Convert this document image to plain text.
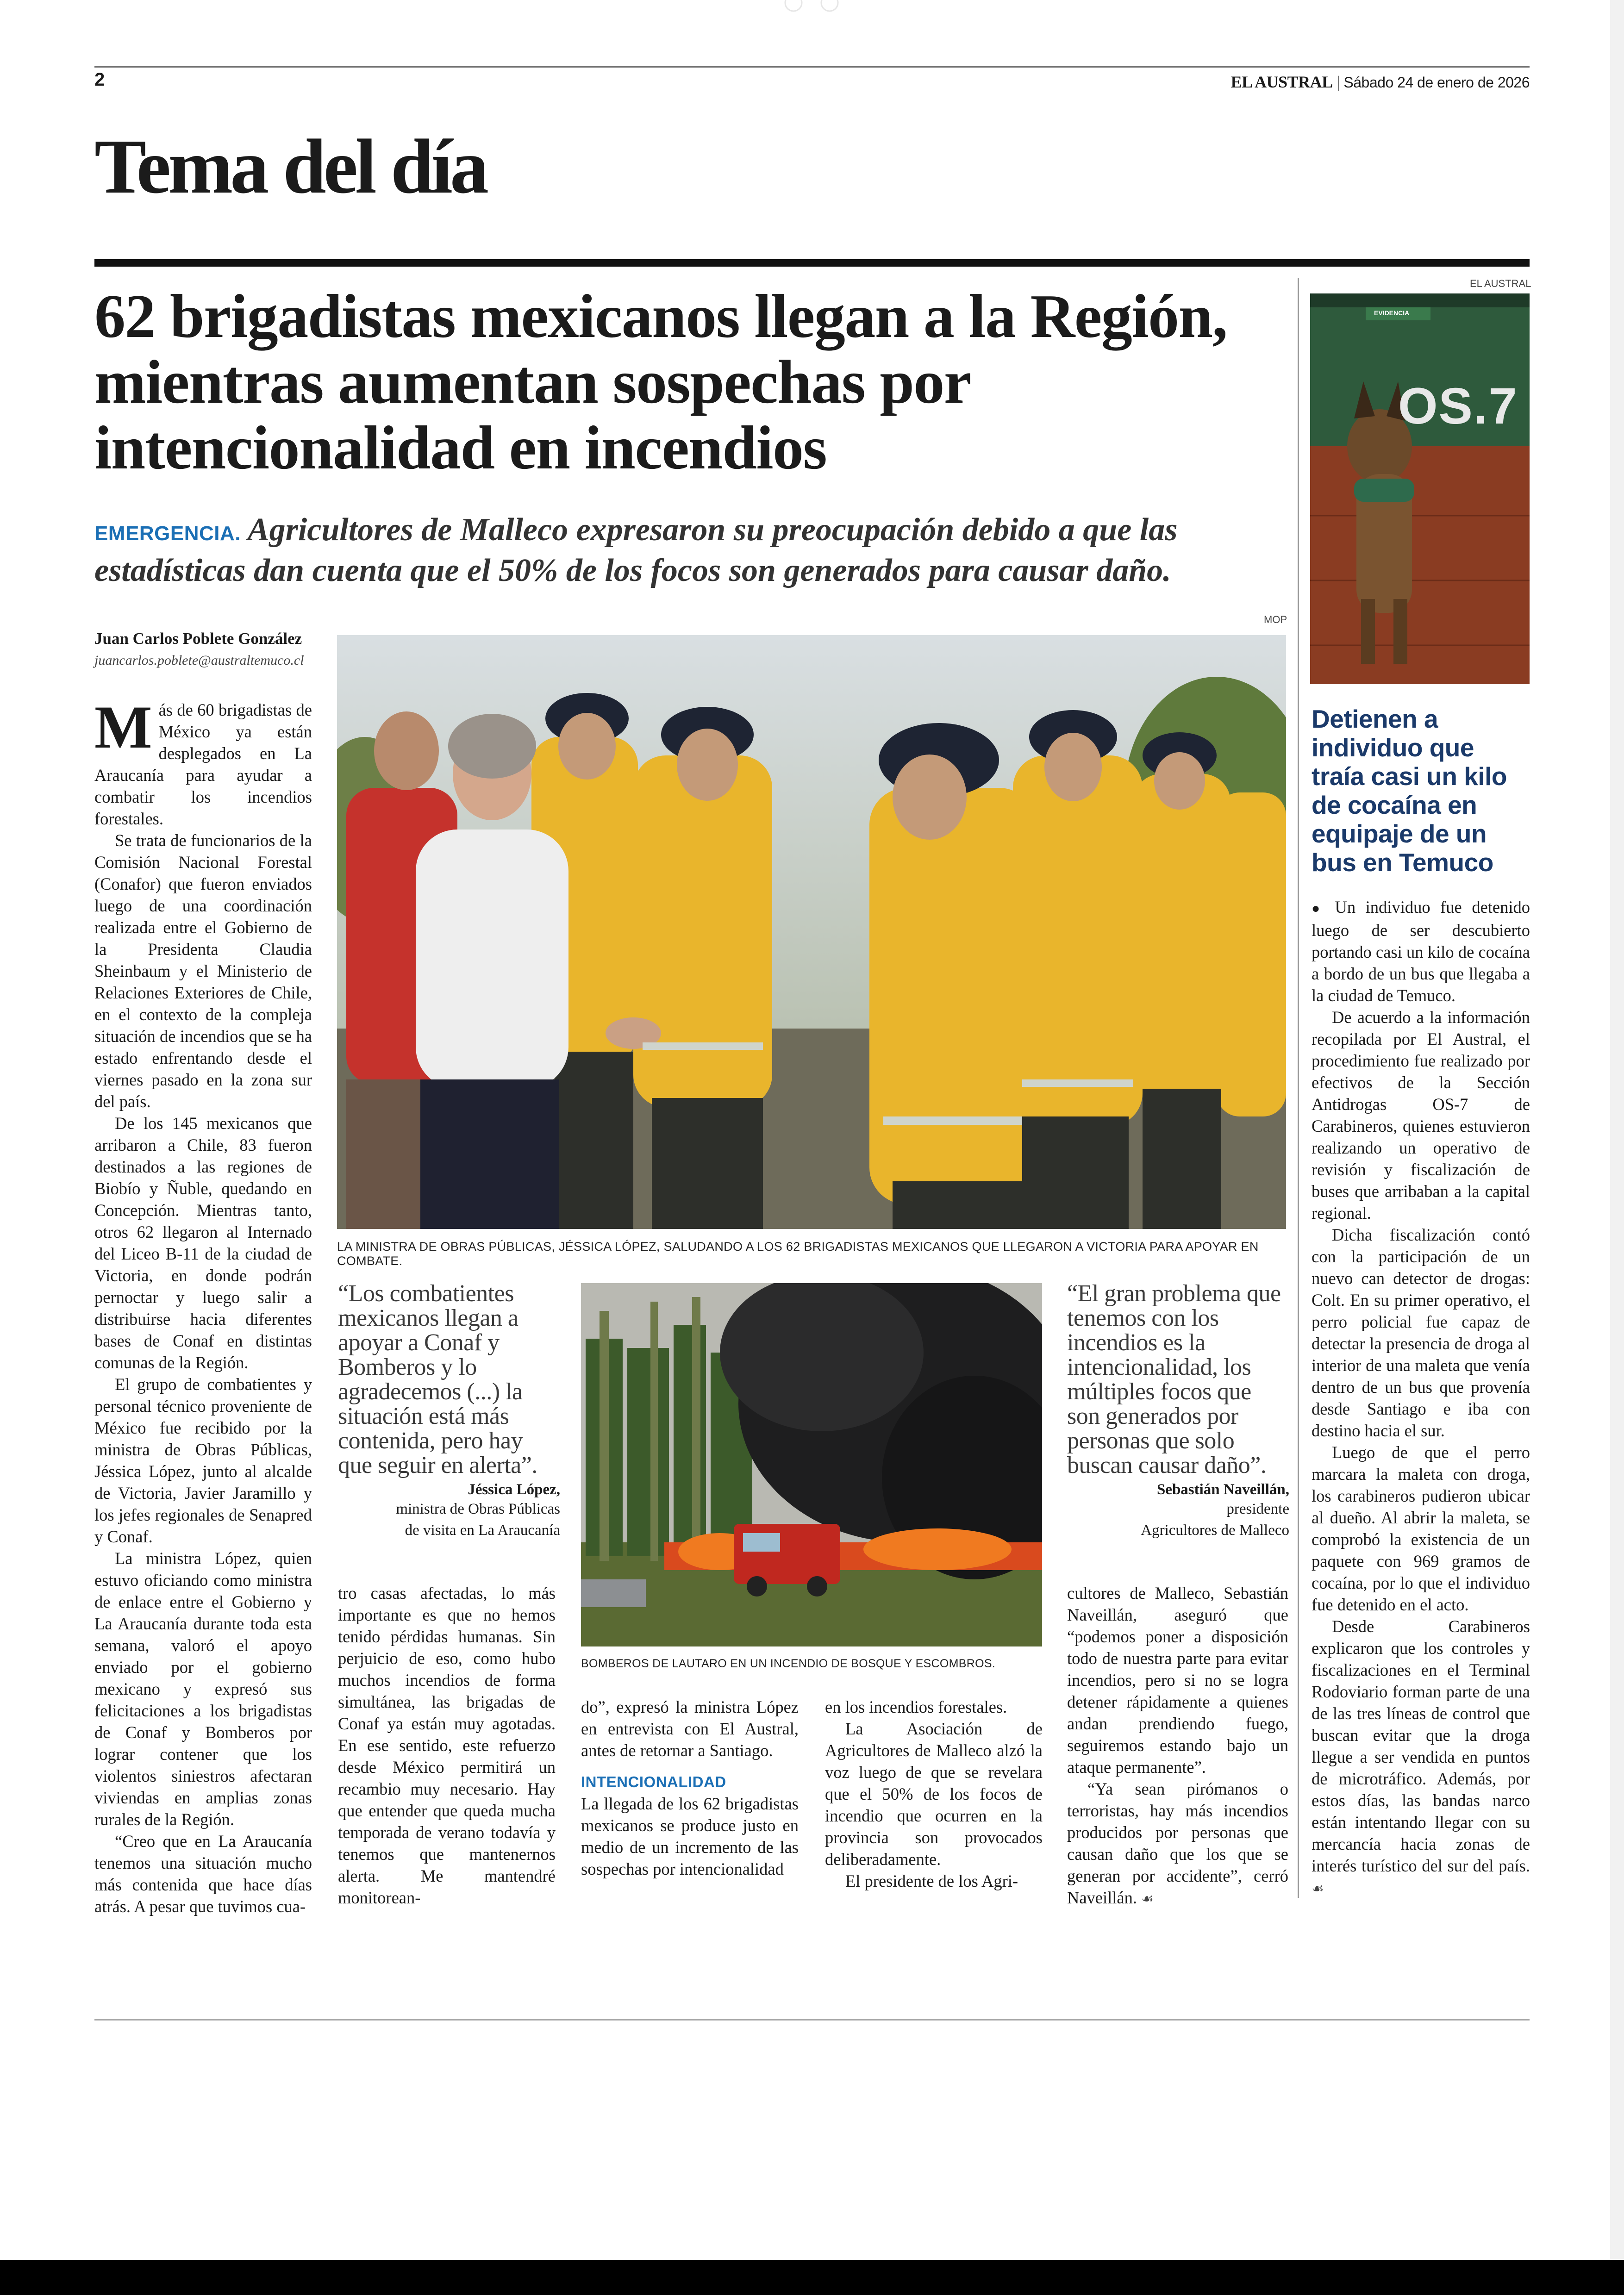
2	EL AUSTRAL | Sábado 24 de enero de 2026
Tema del día
62 brigadistas mexicanos llegan a la Región, mientras aumentan sospechas por intencionalidad en incendios
EMERGENCIA. Agricultores de Malleco expresaron su preocupación debido a que las estadísticas dan cuenta que el 50% de los focos son generados para causar daño.
MOP
Juan Carlos Poblete González
juancarlos.poblete@australtemuco.cl
LA MINISTRA DE OBRAS PÚBLICAS, JÉSSICA LÓPEZ, SALUDANDO A LOS 62 BRIGADISTAS MEXICANOS QUE LLEGARON A VICTORIA PARA APOYAR EN COMBATE.

Más de 60 brigadistas de México ya están desplegados en La Araucanía para ayudar a combatir los incendios forestales.

Se trata de funcionarios de la Comisión Nacional Forestal (Conafor) que fueron enviados luego de una coordinación realizada entre el Gobierno de la Presidenta Claudia Sheinbaum y el Ministerio de Relaciones Exteriores de Chile, en el contexto de la compleja situación de incendios que se ha estado enfrentando desde el viernes pasado en la zona sur del país.

De los 145 mexicanos que arribaron a Chile, 83 fueron destinados a las regiones de Biobío y Ñuble, quedando en Concepción. Mientras tanto, otros 62 llegaron al Internado del Liceo B-11 de la ciudad de Victoria, en donde podrán pernoctar y luego salir a distribuirse hacia diferentes bases de Conaf en distintas comunas de la Región.

El grupo de combatientes y personal técnico proveniente de México fue recibido por la ministra de Obras Públicas, Jéssica López, junto al alcalde de Victoria, Javier Jaramillo y los jefes regionales de Senapred y Conaf.

La ministra López, quien estuvo oficiando como ministra de enlace entre el Gobierno y La Araucanía durante toda esta semana, valoró el apoyo enviado por el gobierno mexicano y expresó sus felicitaciones a los brigadistas de Conaf y Bomberos por lograr contener que los violentos siniestros afectaran viviendas en amplias zonas rurales de la Región.

“Creo que en La Araucanía tenemos una situación mucho más contenida que hace días atrás. A pesar que tuvimos cua-

“Los combatientes mexicanos llegan a apoyar a Conaf y Bomberos y lo agradecemos (...) la situación está más contenida, pero hay que seguir en alerta”.
Jéssica López,
ministra de Obras Públicas
de visita en La Araucanía

tro casas afectadas, lo más importante es que no hemos tenido pérdidas humanas. Sin perjuicio de eso, como hubo muchos incendios de forma simultánea, las brigadas de Conaf ya están muy agotadas. En ese sentido, este refuerzo desde México permitirá un recambio muy necesario. Hay que entender que queda mucha temporada de verano todavía y tenemos que mantenernos alerta. Me mantendré monitorean-

BOMBEROS DE LAUTARO EN UN INCENDIO DE BOSQUE Y ESCOMBROS.

do”, expresó la ministra López en entrevista con El Austral, antes de retornar a Santiago.

INTENCIONALIDAD

La llegada de los 62 brigadistas mexicanos se produce justo en medio de un incremento de las sospechas por intencionalidad

en los incendios forestales.

La Asociación de Agricultores de Malleco alzó la voz luego de que se revelara que el 50% de los focos de incendio que ocurren en la provincia son provocados deliberadamente.

El presidente de los Agri-

“El gran problema que tenemos con los incendios es la intencionalidad, los múltiples focos que son generados por personas que solo buscan causar daño”.
Sebastián Naveillán,
presidente
Agricultores de Malleco

cultores de Malleco, Sebastián Naveillán, aseguró que “podemos poner a disposición todo de nuestra parte para evitar incendios, pero si no se logra detener rápidamente a quienes andan prendiendo fuego, seguiremos estando bajo un ataque permanente”.

“Ya sean pirómanos o terroristas, hay más incendios producidos por personas que causan daño que los que se generan por accidente”, cerró Naveillán. ☙

EL AUSTRAL
EVIDENCIA
OS.7
Detienen a individuo que traía casi un kilo de cocaína en equipaje de un bus en Temuco

● Un individuo fue detenido luego de ser descubierto portando casi un kilo de cocaína a bordo de un bus que llegaba a la ciudad de Temuco.

De acuerdo a la información recopilada por El Austral, el procedimiento fue realizado por efectivos de la Sección Antidrogas OS-7 de Carabineros, quienes estuvieron realizando un operativo de revisión y fiscalización de buses que arribaban a la capital regional.

Dicha fiscalización contó con la participación de un nuevo can detector de drogas: Colt. En su primer operativo, el perro policial fue capaz de detectar la presencia de droga al interior de una maleta que venía dentro de un bus que provenía desde Santiago e iba con destino hacia el sur.

Luego de que el perro marcara la maleta con droga, los carabineros pudieron ubicar al dueño. Al abrir la maleta, se comprobó la existencia de un paquete con 969 gramos de cocaína, por lo que el individuo fue detenido en el acto.

Desde Carabineros explicaron que los controles y fiscalizaciones en el Terminal Rodoviario forman parte de una de las tres líneas de control que buscan evitar que la droga llegue a ser vendida en puntos de microtráfico. Además, por estos días, las bandas narco están intentando llegar con su mercancía hacia zonas de interés turístico del sur del país. ☙
